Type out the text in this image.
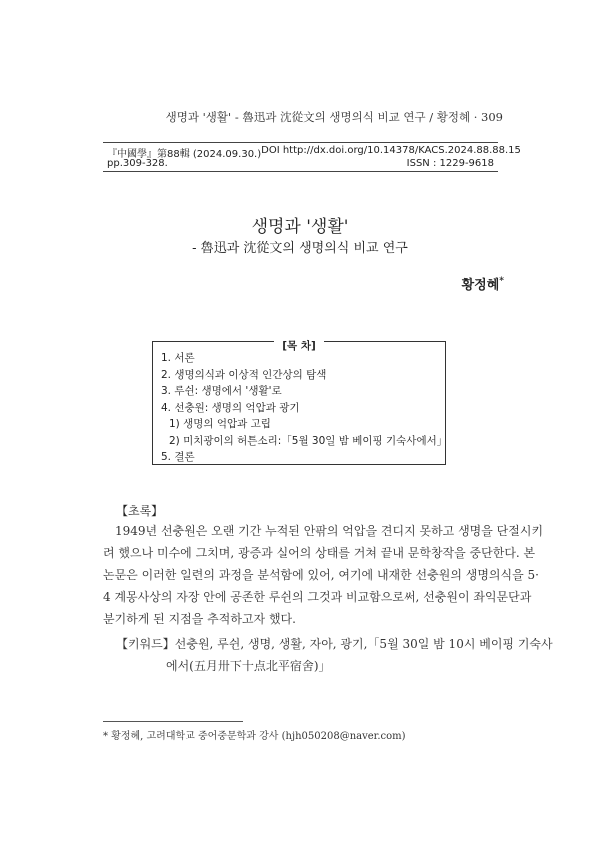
생명과 '생활' - 魯迅과 沈從文의 생명의식 비교 연구 / 황정혜 · 309
『中國學』第88輯 (2024.09.30.) DOI http://dx.doi.org/10.14378/KACS.2024.88.88.15
pp.309-328.	ISSN : 1229-9618
생명과 '생활'
- 魯迅과 沈從文의 생명의식 비교 연구
황정혜*
[목 차]
1. 서론
2. 생명의식과 이상적 인간상의 탐색
3. 루쉰: 생명에서 '생활'로
4. 선충원: 생명의 억압과 광기
1) 생명의 억압과 고립
2) 미치광이의 허튼소리:「5월 30일 밤 베이핑 기숙사에서」
5. 결론
【초록】
1949년 선충원은 오랜 기간 누적된 안팎의 억압을 견디지 못하고 생명을 단절시키
려 했으나 미수에 그치며, 광증과 실어의 상태를 거쳐 끝내 문학창작을 중단한다. 본
논문은 이러한 일련의 과정을 분석함에 있어, 여기에 내재한 선충원의 생명의식을 5·
4 계몽사상의 자장 안에 공존한 루쉰의 그것과 비교함으로써, 선충원이 좌익문단과
분기하게 된 지점을 추적하고자 했다.
【키워드】선충원, 루쉰, 생명, 생활, 자아, 광기,「5월 30일 밤 10시 베이핑 기숙사
에서(五月卅下十点北平宿舍)」
* 황정혜, 고려대학교 중어중문학과 강사 (hjh050208@naver.com)
